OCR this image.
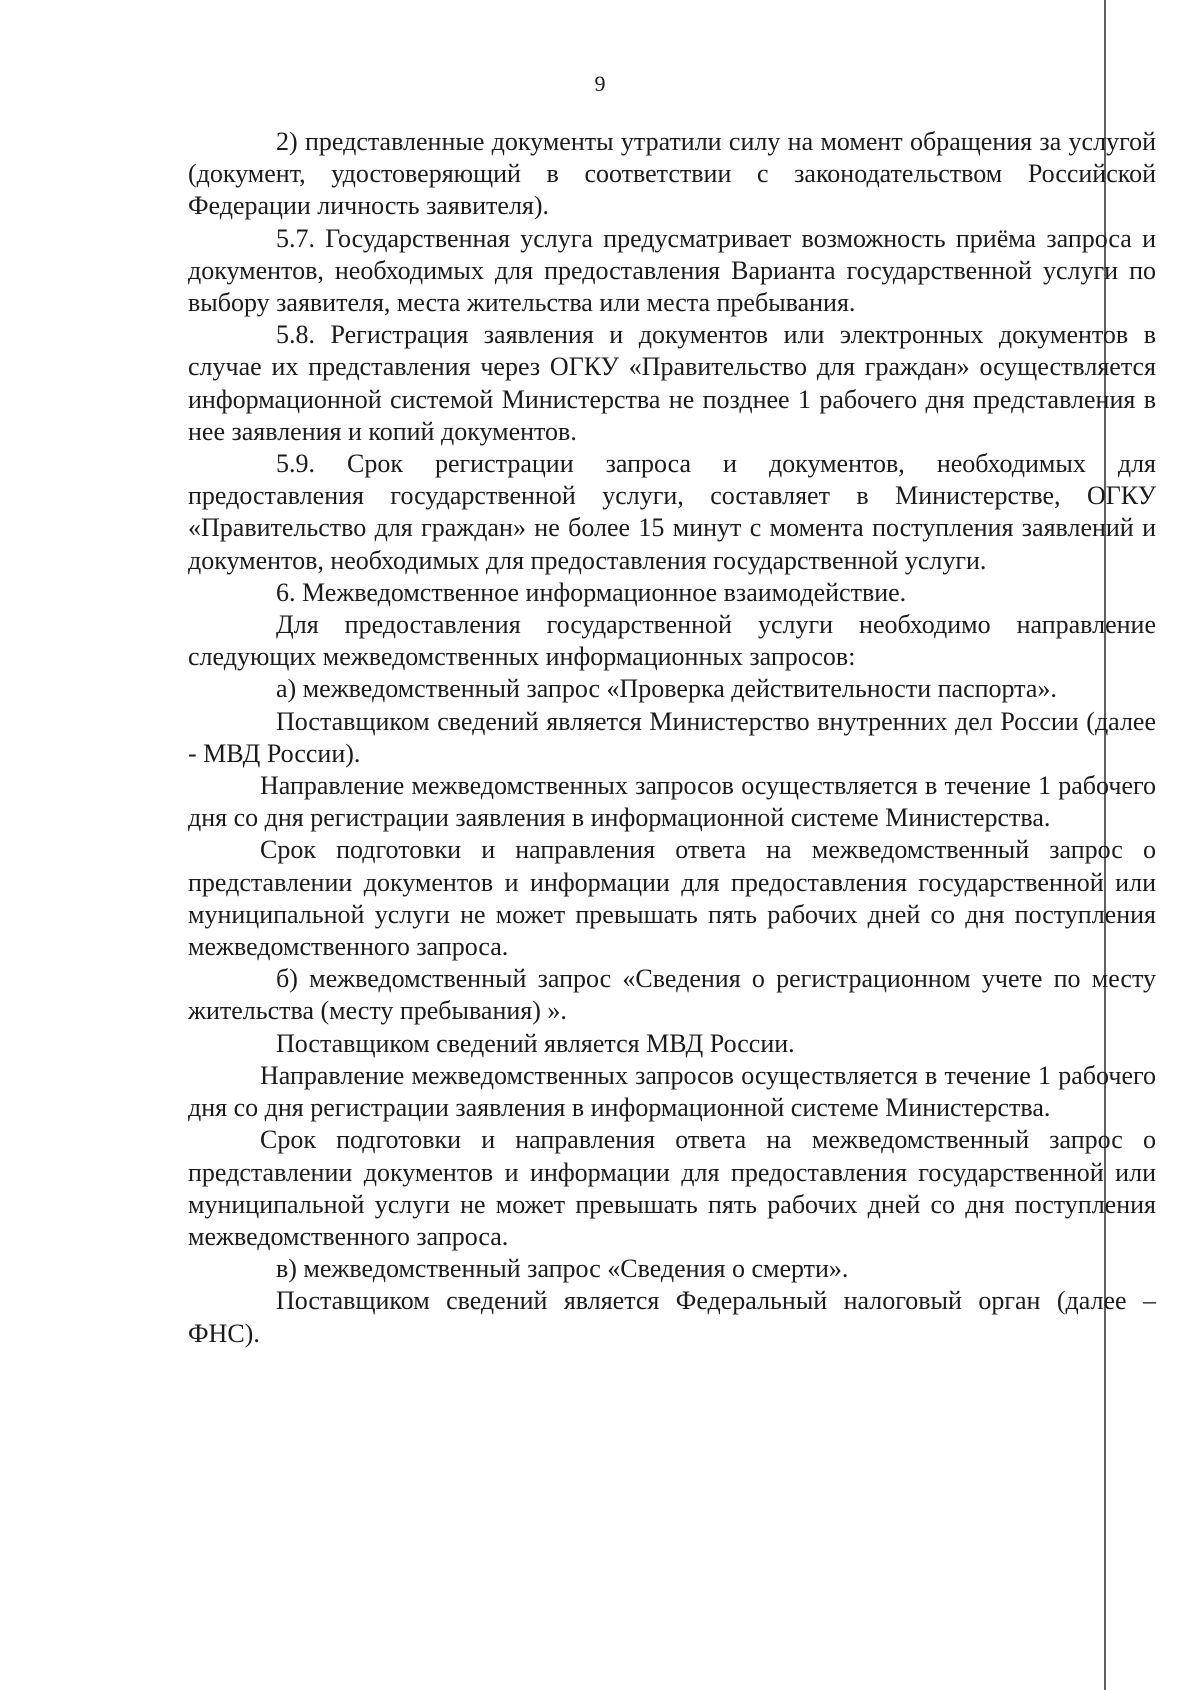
9

2) представленные документы утратили силу на момент обращения за услугой (документ, удостоверяющий в соответствии с законодательством Российской Федерации личность заявителя).

5.7. Государственная услуга предусматривает возможность приёма запроса и документов, необходимых для предоставления Варианта государственной услуги по выбору заявителя, места жительства или места пребывания.

5.8. Регистрация заявления и документов или электронных документов в случае их представления через ОГКУ «Правительство для граждан» осуществляется информационной системой Министерства не позднее 1 рабочего дня представления в нее заявления и копий документов.

5.9. Срок регистрации запроса и документов, необходимых для предоставления государственной услуги, составляет в Министерстве, ОГКУ «Правительство для граждан» не более 15 минут с момента поступления заявлений и документов, необходимых для предоставления государственной услуги.

6. Межведомственное информационное взаимодействие.

Для предоставления государственной услуги необходимо направление следующих межведомственных информационных запросов:

а) межведомственный запрос «Проверка действительности паспорта».

Поставщиком сведений является Министерство внутренних дел России (далее - МВД России).

Направление межведомственных запросов осуществляется в течение 1 рабочего дня со дня регистрации заявления в информационной системе Министерства.

Срок подготовки и направления ответа на межведомственный запрос о представлении документов и информации для предоставления государственной или муниципальной услуги не может превышать пять рабочих дней со дня поступления межведомственного запроса.

б) межведомственный запрос «Сведения о регистрационном учете по месту жительства (месту пребывания) ».

Поставщиком сведений является МВД России.

Направление межведомственных запросов осуществляется в течение 1 рабочего дня со дня регистрации заявления в информационной системе Министерства.

Срок подготовки и направления ответа на межведомственный запрос о представлении документов и информации для предоставления государственной или муниципальной услуги не может превышать пять рабочих дней со дня поступления межведомственного запроса.

в) межведомственный запрос «Сведения о смерти».

Поставщиком сведений является Федеральный налоговый орган (далее – ФНС).
